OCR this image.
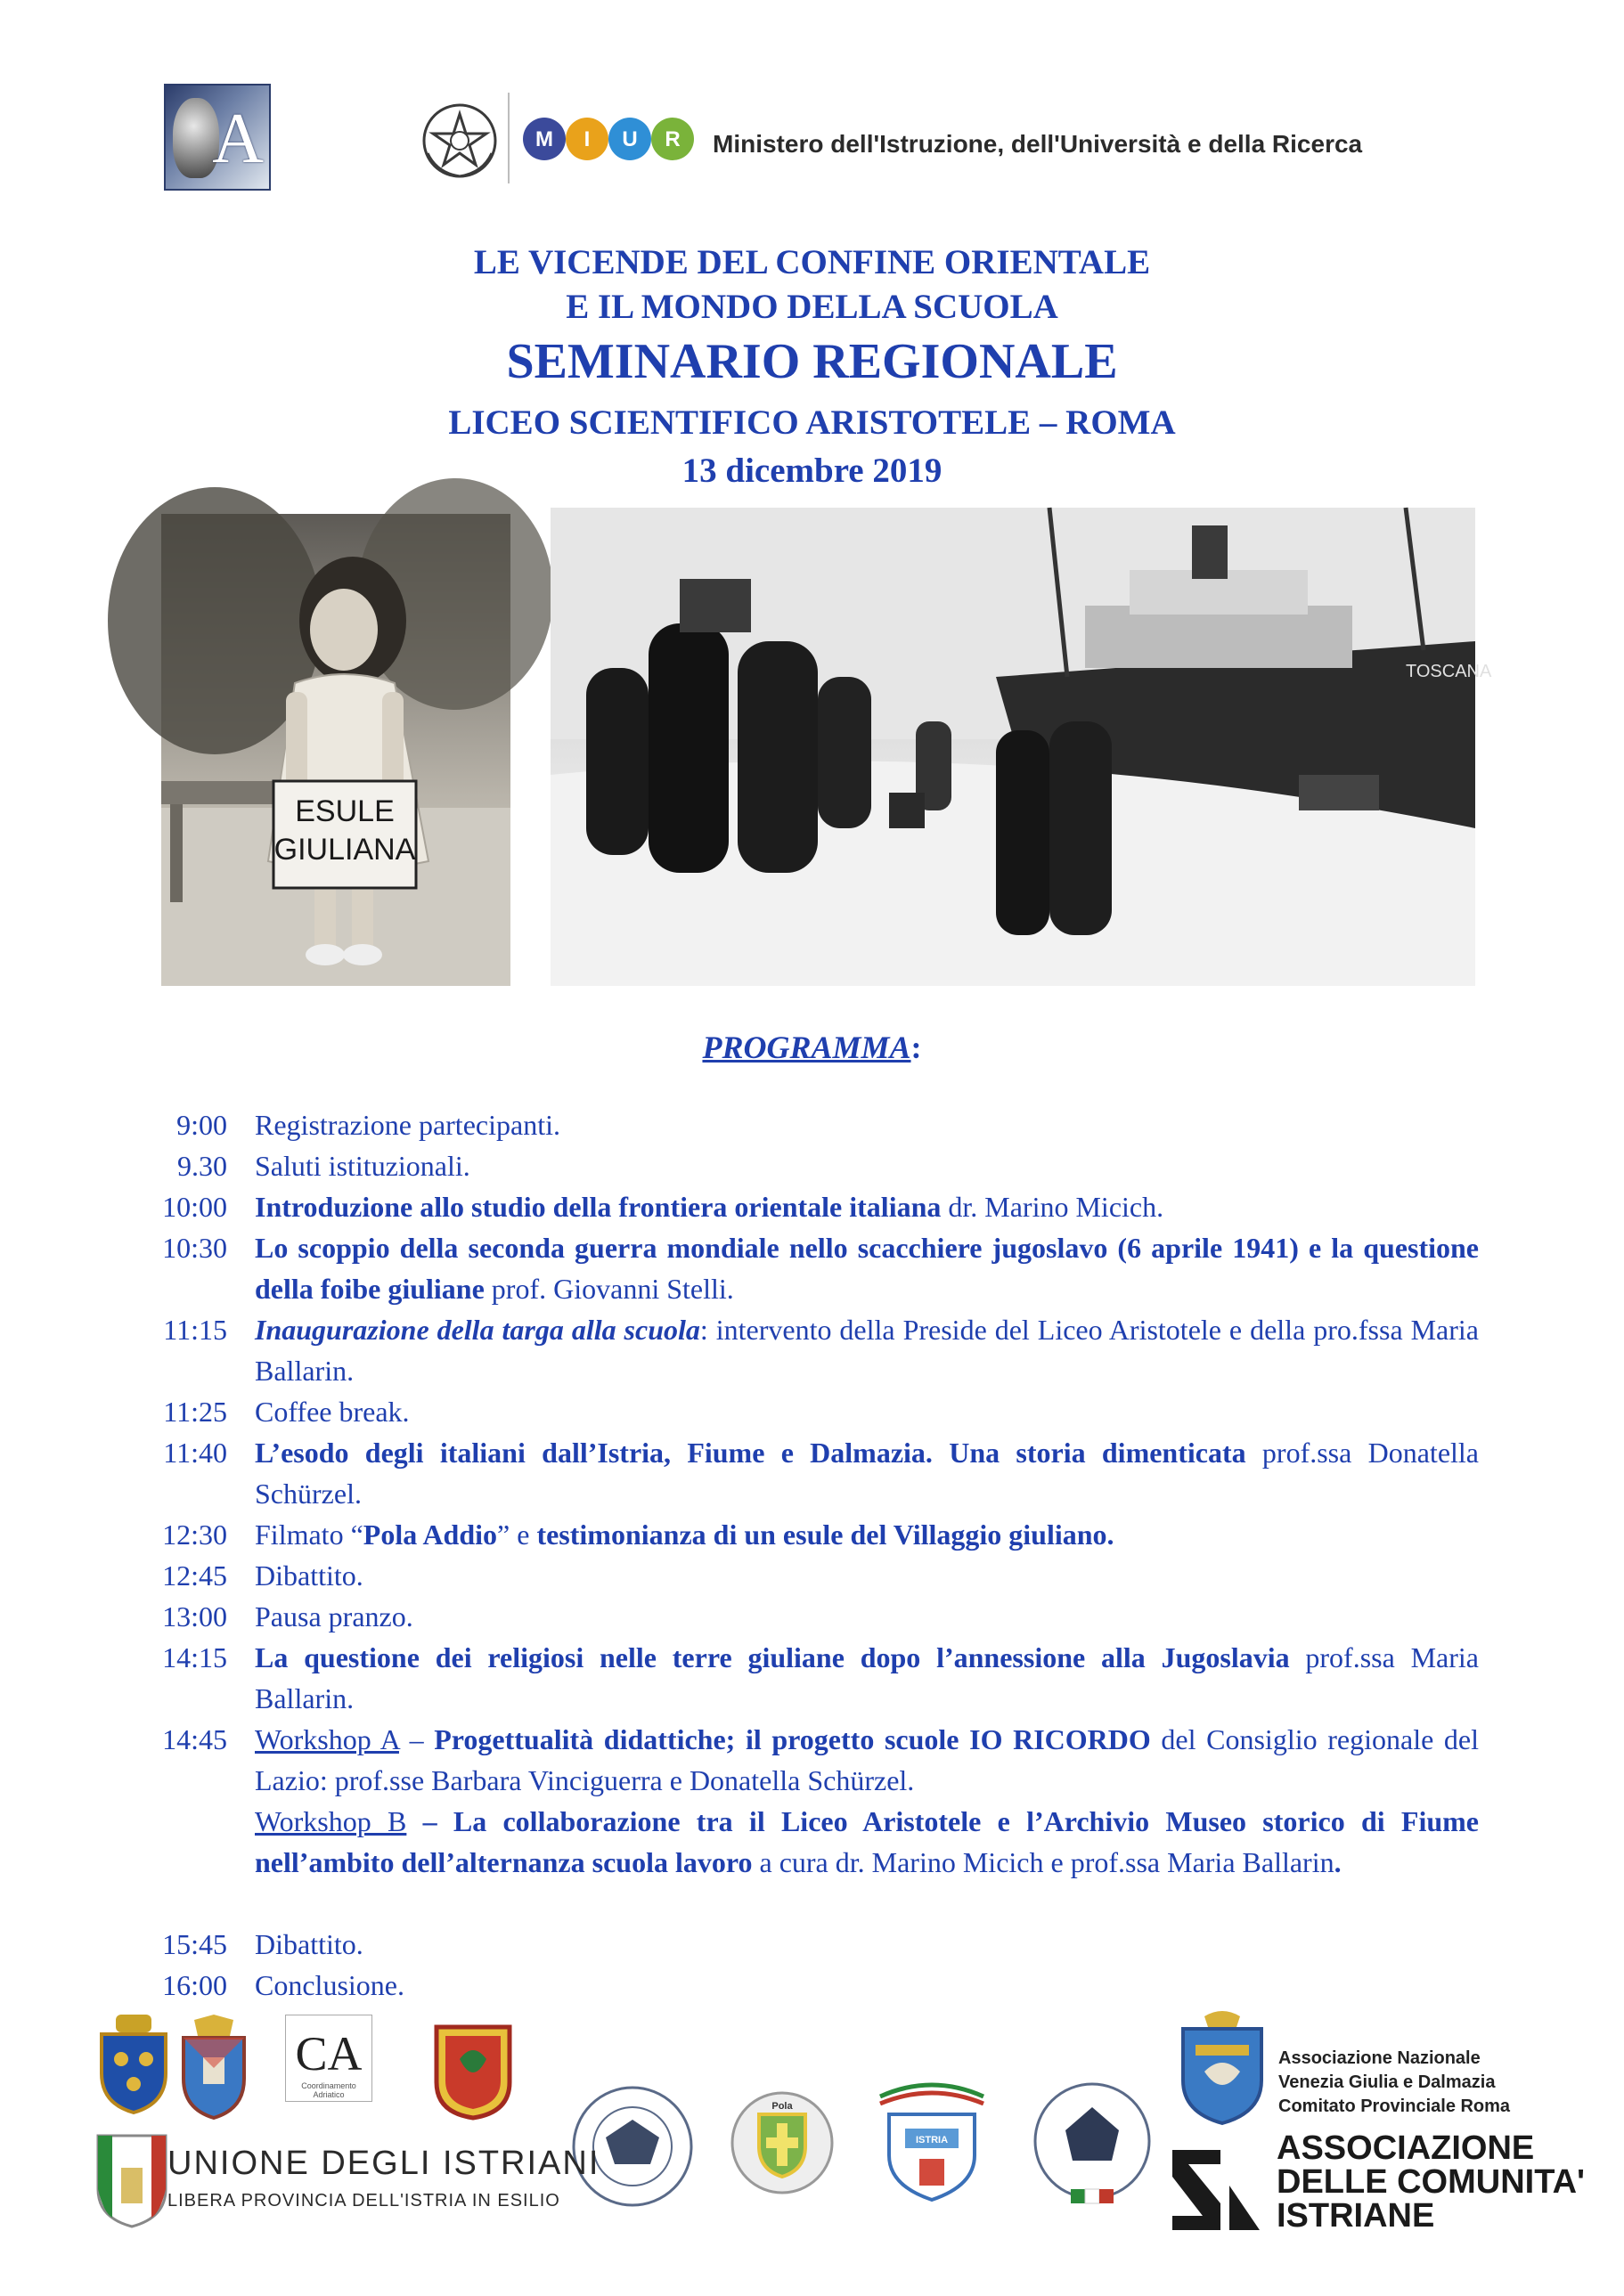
A	M I U R Ministero dell'Istruzione, dell'Università e della Ricerca
LE VICENDE DEL CONFINE ORIENTALE
E IL MONDO DELLA SCUOLA
SEMINARIO REGIONALE
LICEO SCIENTIFICO ARISTOTELE – ROMA
13 dicembre 2019
ESULE
GIULIANA
TOSCANA
PROGRAMMA:
9:00 Registrazione partecipanti.
9.30 Saluti istituzionali.
10:00 Introduzione allo studio della frontiera orientale italiana dr. Marino Micich.
10:30 Lo scoppio della seconda guerra mondiale nello scacchiere jugoslavo (6 aprile 1941) e la questione della foibe giuliane prof. Giovanni Stelli.
11:15 Inaugurazione della targa alla scuola: intervento della Preside del Liceo Aristotele e della pro.fssa Maria Ballarin.
11:25 Coffee break.
11:40 L’esodo degli italiani dall’Istria, Fiume e Dalmazia. Una storia dimenticata prof.ssa Donatella Schürzel.
12:30 Filmato “Pola Addio” e testimonianza di un esule del Villaggio giuliano.
12:45 Dibattito.
13:00 Pausa pranzo.
14:15 La questione dei religiosi nelle terre giuliane dopo l’annessione alla Jugoslavia prof.ssa Maria Ballarin.
14:45 Workshop A – Progettualità didattiche; il progetto scuole IO RICORDO del Consiglio regionale del Lazio: prof.sse Barbara Vinciguerra e Donatella Schürzel.
Workshop B – La collaborazione tra il Liceo Aristotele e l’Archivio Museo storico di Fiume nell’ambito dell’alternanza scuola lavoro a cura dr. Marino Micich e prof.ssa Maria Ballarin.
15:45 Dibattito.
16:00 Conclusione.
CA
Coordinamento Adriatico
Pola
ISTRIA
Associazione Nazionale
Venezia Giulia e Dalmazia
Comitato Provinciale Roma
UNIONE DEGLI ISTRIANI
LIBERA PROVINCIA DELL'ISTRIA IN ESILIO
ASSOCIAZIONE
DELLE COMUNITA'
ISTRIANE
